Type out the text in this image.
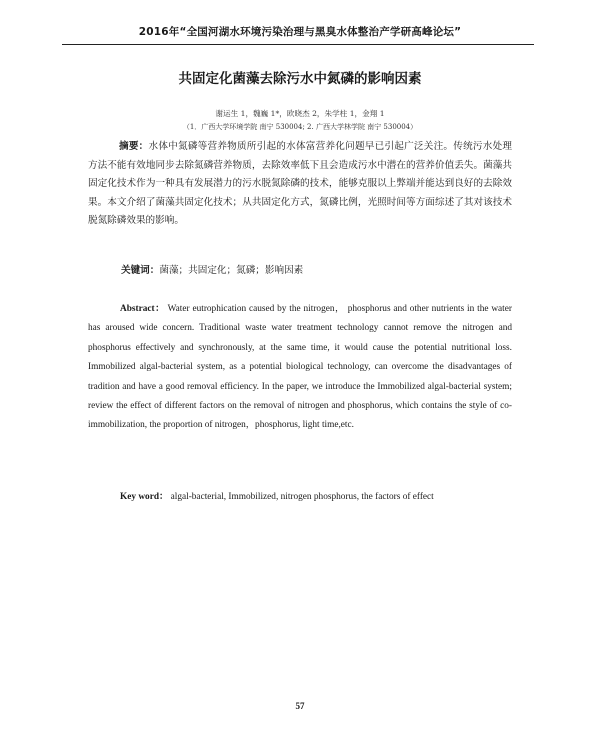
2016年“全国河湖水环境污染治理与黑臭水体整治产学研高峰论坛”
共固定化菌藻去除污水中氮磷的影响因素
谢运生 1，魏巍 1*，欧晓杰 2，朱学柱 1，金翔 1
（1．广西大学环境学院 南宁 530004; 2. 广西大学林学院 南宁 530004）
摘要：水体中氮磷等营养物质所引起的水体富营养化问题早已引起广泛关注。传统污水处理方法不能有效地同步去除氮磷营养物质，去除效率低下且会造成污水中潜在的营养价值丢失。菌藻共固定化技术作为一种具有发展潜力的污水脱氮除磷的技术，能够克服以上弊端并能达到良好的去除效果。本文介绍了菌藻共固定化技术；从共固定化方式，氮磷比例，光照时间等方面综述了其对该技术脱氮除磷效果的影响。
关键词：菌藻；共固定化；氮磷；影响因素
Abstract： Water eutrophication caused by the nitrogen， phosphorus and other nutrients in the water has aroused wide concern. Traditional waste water treatment technology cannot remove the nitrogen and phosphorus effectively and synchronously, at the same time, it would cause the potential nutritional loss. Immobilized algal-bacterial system, as a potential biological technology, can overcome the disadvantages of tradition and have a good removal efficiency. In the paper, we introduce the Immobilized algal-bacterial system; review the effect of different factors on the removal of nitrogen and phosphorus, which contains the style of co-immobilization, the proportion of nitrogen，phosphorus, light time,etc.
Key word： algal-bacterial, Immobilized, nitrogen phosphorus, the factors of effect
57
